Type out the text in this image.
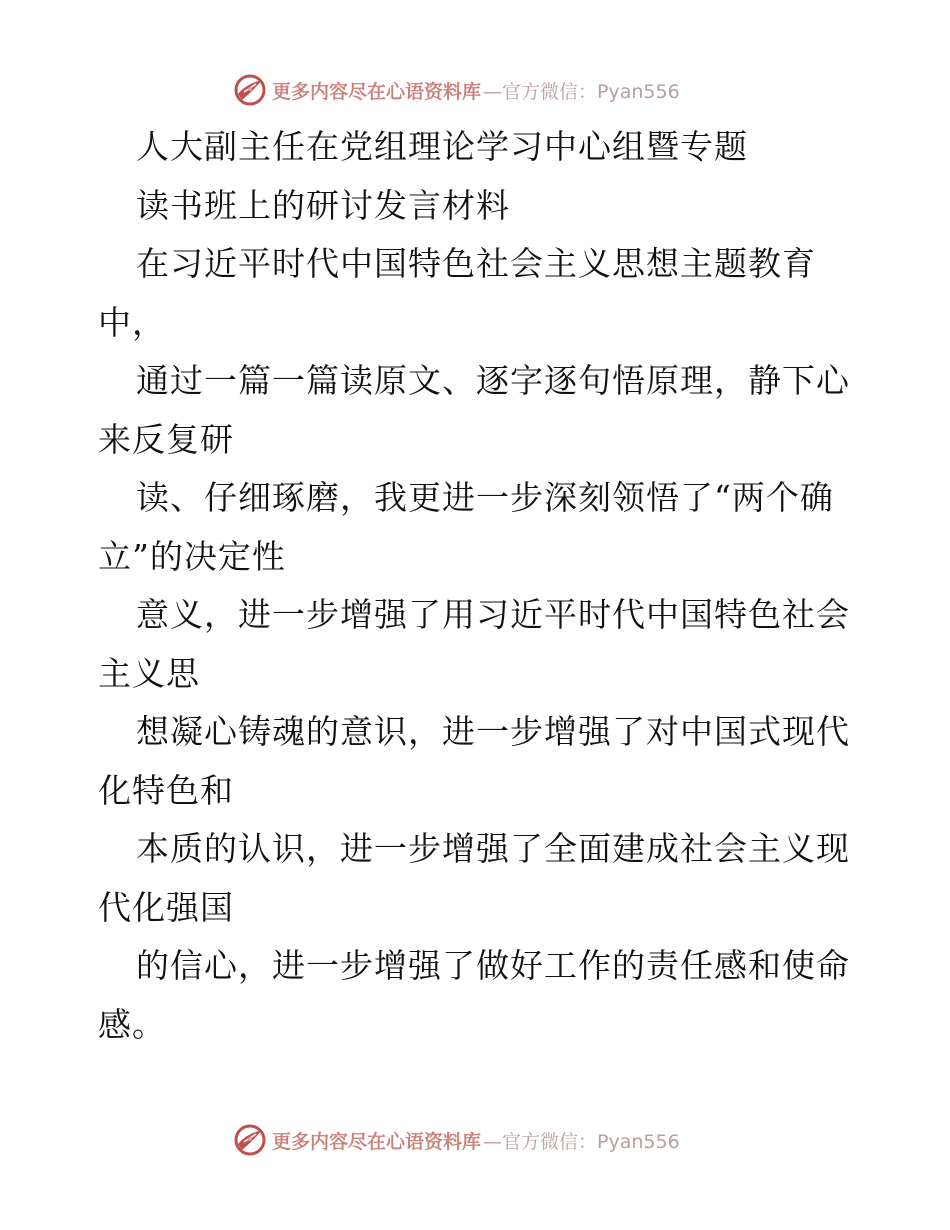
更多内容尽在心语资料库 —官方微信：Pyan556
人大副主任在党组理论学习中心组暨专题
读书班上的研讨发言材料
在习近平时代中国特色社会主义思想主题教育
中，
通过一篇一篇读原文、逐字逐句悟原理，静下心
来反复研
读、仔细琢磨，我更进一步深刻领悟了“两个确
立”的决定性
意义，进一步增强了用习近平时代中国特色社会
主义思
想凝心铸魂的意识，进一步增强了对中国式现代
化特色和
本质的认识，进一步增强了全面建成社会主义现
代化强国
的信心，进一步增强了做好工作的责任感和使命
感。
更多内容尽在心语资料库 —官方微信：Pyan556
